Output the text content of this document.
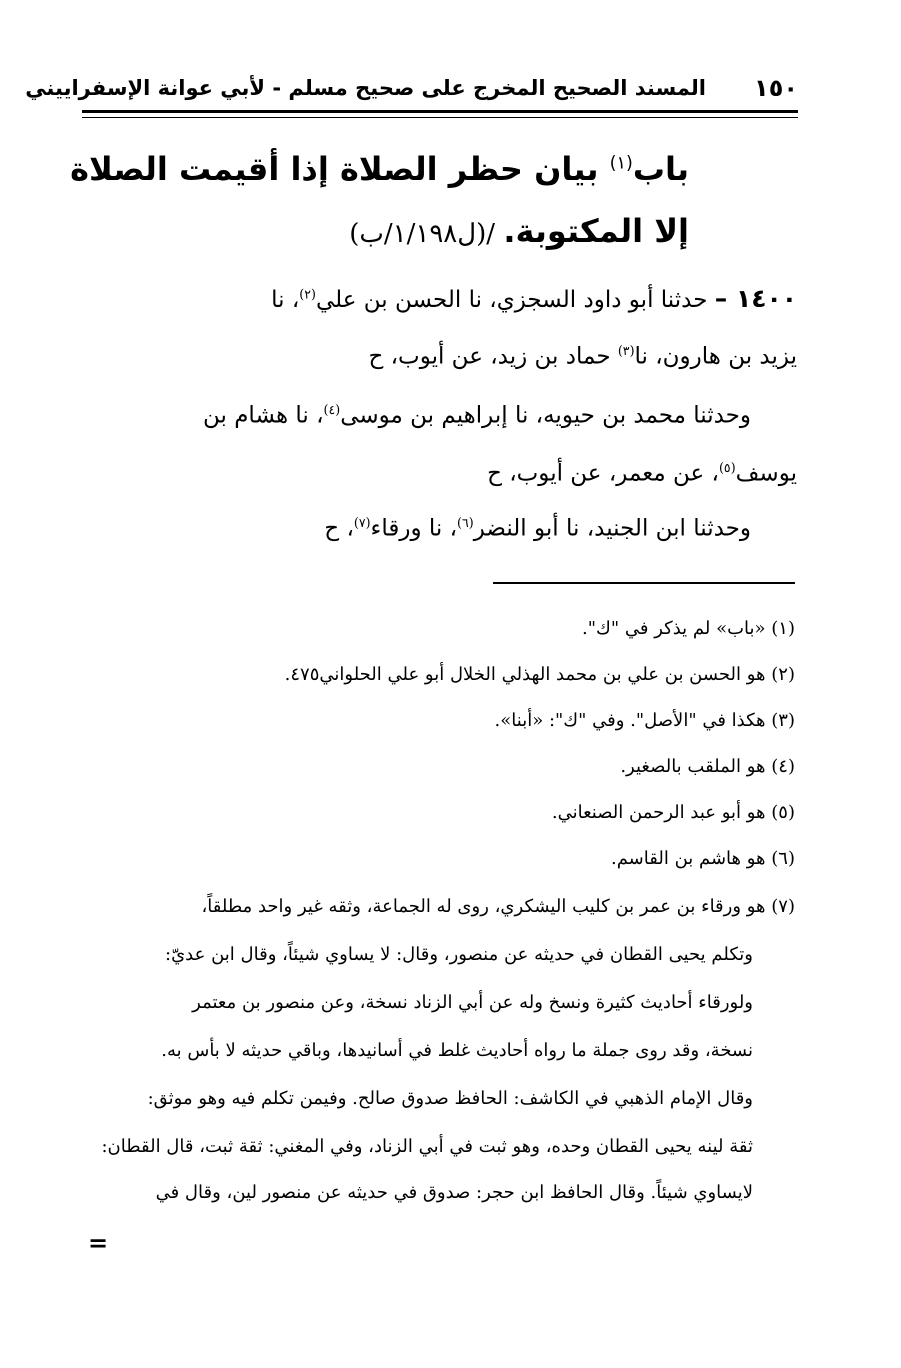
١٥٠
المسند الصحيح المخرج على صحيح مسلم - لأبي عوانة الإسفراييني
باب$^{(١)}$ بيان حظر الصلاة إذا أقيمت الصلاة
إلا المكتوبة. /(ل١/١٩٨/ب)
١٤٠٠ – حدثنا أبو داود السجزي، نا الحسن بن علي$^{(٢)}$، نا
يزيد بن هارون، نا$^{(٣)}$ حماد بن زيد، عن أيوب، ح
وحدثنا محمد بن حيويه، نا إبراهيم بن موسى$^{(٤)}$، نا هشام بن
يوسف$^{(٥)}$، عن معمر، عن أيوب، ح
وحدثنا ابن الجنيد، نا أبو النضر$^{(٦)}$، نا ورقاء$^{(٧)}$، ح
(١) «باب» لم يذكر في "ك".
(٢) هو الحسن بن علي بن محمد الهذلي الخلال أبو علي الحلواني٤٧٥.
(٣) هكذا في "الأصل". وفي "ك": «أبنا».
(٤) هو الملقب بالصغير.
(٥) هو أبو عبد الرحمن الصنعاني.
(٦) هو هاشم بن القاسم.
(٧) هو ورقاء بن عمر بن كليب اليشكري، روى له الجماعة، وثقه غير واحد مطلقاً،
وتكلم يحيى القطان في حديثه عن منصور، وقال: لا يساوي شيئاً، وقال ابن عديّ:
ولورقاء أحاديث كثيرة ونسخ وله عن أبي الزناد نسخة، وعن منصور بن معتمر
نسخة، وقد روى جملة ما رواه أحاديث غلط في أسانيدها، وباقي حديثه لا بأس به.
وقال الإمام الذهبي في الكاشف: الحافظ صدوق صالح. وفيمن تكلم فيه وهو موثق:
ثقة لينه يحيى القطان وحده، وهو ثبت في أبي الزناد، وفي المغني: ثقة ثبت، قال القطان:
لايساوي شيئاً. وقال الحافظ ابن حجر: صدوق في حديثه عن منصور لين، وقال في
=
